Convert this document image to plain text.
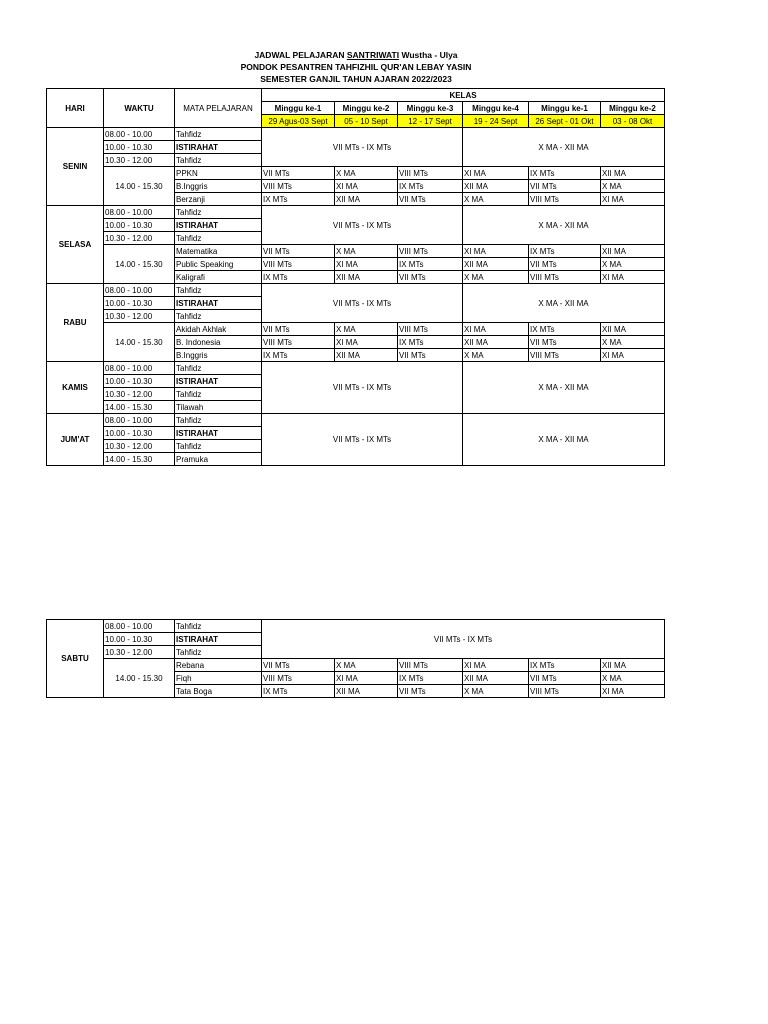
JADWAL PELAJARAN SANTRIWATI Wustha - Ulya
PONDOK PESANTREN TAHFIZHIL QUR'AN LEBAY YASIN
SEMESTER GANJIL TAHUN AJARAN 2022/2023
HARI	WAKTU	MATA PELAJARAN	KELAS					
			Minggu ke-1	Minggu ke-2	Minggu ke-3	Minggu ke-4	Minggu ke-1	Minggu ke-2
			29 Agus-03 Sept	05 - 10 Sept	12 - 17 Sept	19 - 24 Sept	26 Sept - 01 Okt	03 - 08 Okt
SENIN	08.00 - 10.00	Tahfidz	VII MTs - IX MTs			X MA - XII MA		
	10.00 - 10.30	ISTIRAHAT						
	10.30 - 12.00	Tahfidz						
	14.00 - 15.30	PPKN	VII MTs	X MA	VIII MTs	XI MA	IX MTs	XII MA
		B.Inggris	VIII MTs	XI MA	IX MTs	XII MA	VII MTs	X MA
		Berzanji	IX MTs	XII MA	VII MTs	X MA	VIII MTs	XI MA
SELASA	08.00 - 10.00	Tahfidz	VII MTs - IX MTs			X MA - XII MA		
	10.00 - 10.30	ISTIRAHAT						
	10.30 - 12.00	Tahfidz						
	14.00 - 15.30	Matematika	VII MTs	X MA	VIII MTs	XI MA	IX MTs	XII MA
		Public Speaking	VIII MTs	XI MA	IX MTs	XII MA	VII MTs	X MA
		Kaligrafi	IX MTs	XII MA	VII MTs	X MA	VIII MTs	XI MA
RABU	08.00 - 10.00	Tahfidz	VII MTs - IX MTs			X MA - XII MA		
	10.00 - 10.30	ISTIRAHAT						
	10.30 - 12.00	Tahfidz						
	14.00 - 15.30	Akidah Akhlak	VII MTs	X MA	VIII MTs	XI MA	IX MTs	XII MA
		B. Indonesia	VIII MTs	XI MA	IX MTs	XII MA	VII MTs	X MA
		B.Inggris	IX MTs	XII MA	VII MTs	X MA	VIII MTs	XI MA
KAMIS	08.00 - 10.00	Tahfidz	VII MTs - IX MTs			X MA - XII MA		
	10.00 - 10.30	ISTIRAHAT						
	10.30 - 12.00	Tahfidz						
	14.00 - 15.30	Tilawah						
JUM'AT	08.00 - 10.00	Tahfidz	VII MTs - IX MTs			X MA - XII MA		
	10.00 - 10.30	ISTIRAHAT						
	10.30 - 12.00	Tahfidz						
	14.00 - 15.30	Pramuka						
SABTU	08.00 - 10.00	Tahfidz	VII MTs - IX MTs					
	10.00 - 10.30	ISTIRAHAT						
	10.30 - 12.00	Tahfidz						
	14.00 - 15.30	Rebana	VII MTs	X MA	VIII MTs	XI MA	IX MTs	XII MA
		Fiqh	VIII MTs	XI MA	IX MTs	XII MA	VII MTs	X MA
		Tata Boga	IX MTs	XII MA	VII MTs	X MA	VIII MTs	XI MA
